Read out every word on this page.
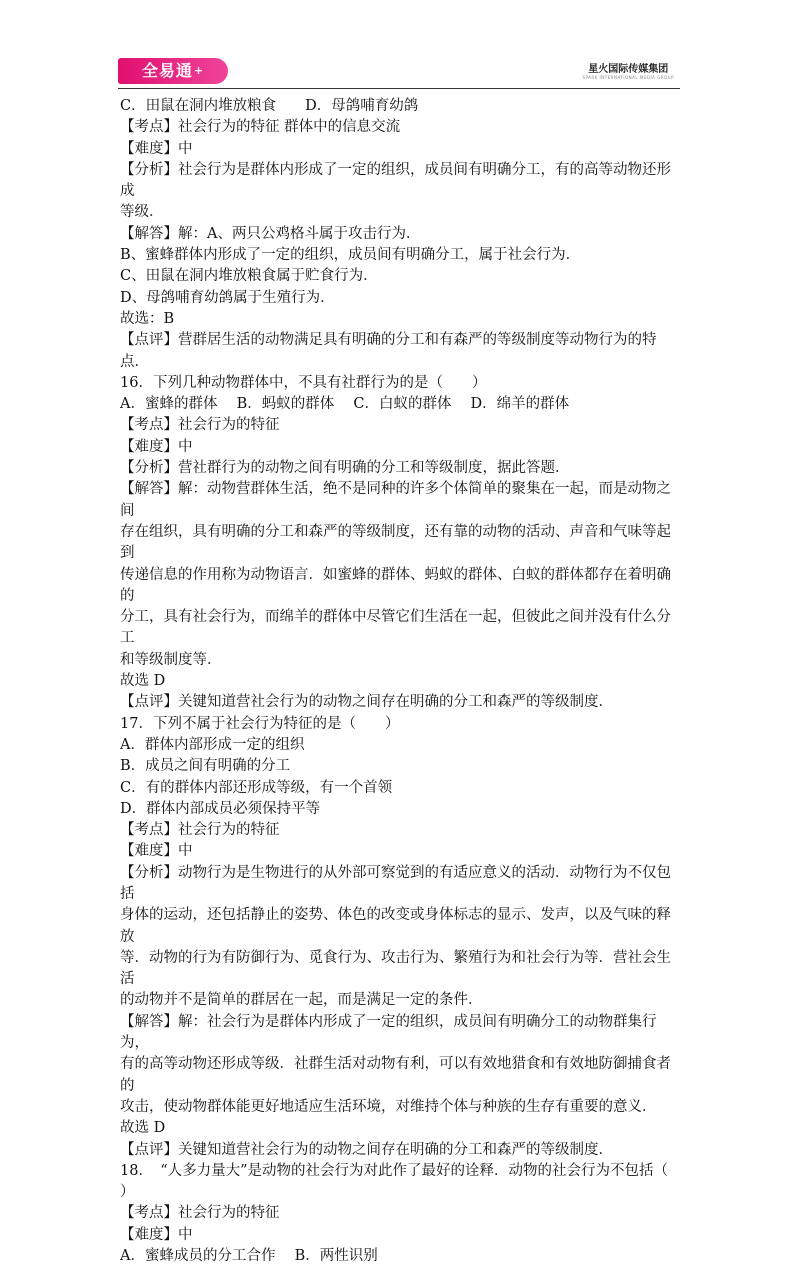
全易通+	星火国际传媒集团
SPARK INTERNATIONAL MEDIA GROUP

C．田鼠在洞内堆放粮食　　D．母鸽哺育幼鸽

【考点】社会行为的特征 群体中的信息交流

【难度】中

【分析】社会行为是群体内形成了一定的组织，成员间有明确分工，有的高等动物还形成

等级．

【解答】解：A、两只公鸡格斗属于攻击行为．

B、蜜蜂群体内形成了一定的组织，成员间有明确分工，属于社会行为．

C、田鼠在洞内堆放粮食属于贮食行为．

D、母鸽哺育幼鸽属于生殖行为．

故选：B

【点评】营群居生活的动物满足具有明确的分工和有森严的等级制度等动物行为的特点．

16．下列几种动物群体中，不具有社群行为的是（　　）

A．蜜蜂的群体　 B．蚂蚁的群体　 C．白蚁的群体　 D．绵羊的群体

【考点】社会行为的特征

【难度】中

【分析】营社群行为的动物之间有明确的分工和等级制度，据此答题．

【解答】解：动物营群体生活，绝不是同种的许多个体简单的聚集在一起，而是动物之间

存在组织，具有明确的分工和森严的等级制度，还有靠的动物的活动、声音和气味等起到

传递信息的作用称为动物语言．如蜜蜂的群体、蚂蚁的群体、白蚁的群体都存在着明确的

分工，具有社会行为，而绵羊的群体中尽管它们生活在一起，但彼此之间并没有什么分工

和等级制度等．

故选 D

【点评】关键知道营社会行为的动物之间存在明确的分工和森严的等级制度．

17．下列不属于社会行为特征的是（　　）

A．群体内部形成一定的组织

B．成员之间有明确的分工

C．有的群体内部还形成等级，有一个首领

D．群体内部成员必须保持平等

【考点】社会行为的特征

【难度】中

【分析】动物行为是生物进行的从外部可察觉到的有适应意义的活动．动物行为不仅包括

身体的运动，还包括静止的姿势、体色的改变或身体标志的显示、发声，以及气味的释放

等．动物的行为有防御行为、觅食行为、攻击行为、繁殖行为和社会行为等．营社会生活

的动物并不是简单的群居在一起，而是满足一定的条件．

【解答】解：社会行为是群体内形成了一定的组织，成员间有明确分工的动物群集行为，

有的高等动物还形成等级．社群生活对动物有利，可以有效地猎食和有效地防御捕食者的

攻击，使动物群体能更好地适应生活环境，对维持个体与种族的生存有重要的意义．

故选 D

【点评】关键知道营社会行为的动物之间存在明确的分工和森严的等级制度．

18．　“人多力量大”是动物的社会行为对此作了最好的诠释．动物的社会行为不包括（

）

【考点】社会行为的特征

【难度】中

A．蜜蜂成员的分工合作　 B．两性识别
